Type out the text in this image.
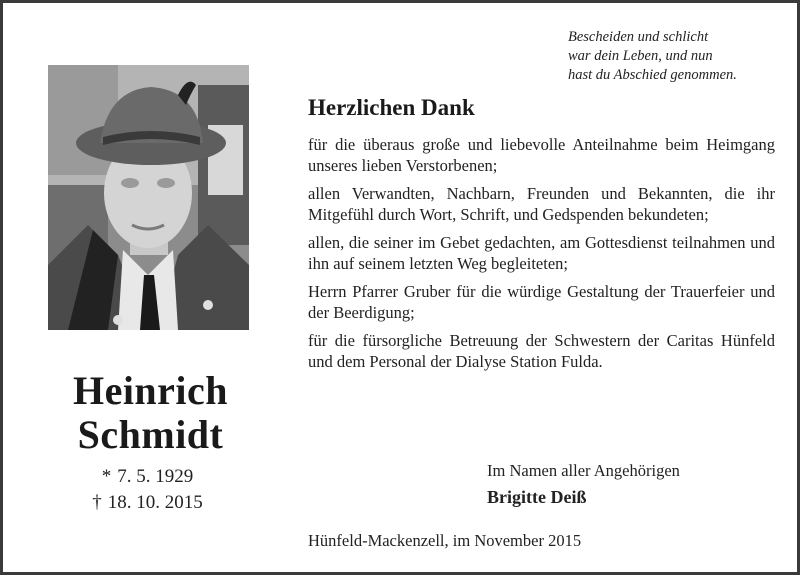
Heinrich
Schmidt
* 7. 5. 1929
† 18. 10. 2015
Bescheiden und schlicht
war dein Leben, und nun
hast du Abschied genommen.
Herzlichen Dank

für die überaus große und liebevolle Anteilnahme beim Heimgang unseres lieben Verstorbenen;

allen Verwandten, Nachbarn, Freunden und Bekannten, die ihr Mitgefühl durch Wort, Schrift, und Gedspenden bekundeten;

allen, die seiner im Gebet gedachten, am Gottesdienst teilnahmen und ihn auf seinem letzten Weg begleiteten;

Herrn Pfarrer Gruber für die würdige Gestaltung der Trauerfeier und der Beerdigung;

für die fürsorgliche Betreuung der Schwestern der Caritas Hünfeld und dem Personal der Dialyse Station Fulda.

Im Namen aller Angehörigen
Brigitte Deiß
Hünfeld-Mackenzell, im November 2015
